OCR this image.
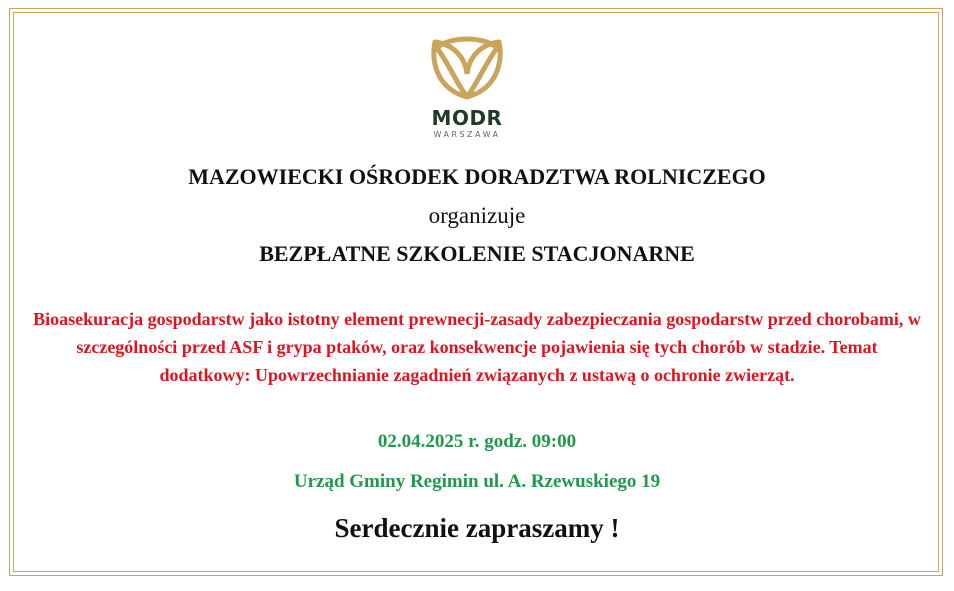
MODR
WARSZAWA
MAZOWIECKI OŚRODEK DORADZTWA ROLNICZEGO
organizuje
BEZPŁATNE SZKOLENIE STACJONARNE
Bioasekuracja gospodarstw jako istotny element prewnecji-zasady zabezpieczania gospodarstw przed chorobami, w szczególności przed ASF i grypa ptaków, oraz konsekwencje pojawienia się tych chorób w stadzie. Temat dodatkowy: Upowrzechnianie zagadnień związanych z ustawą o ochronie zwierząt.
02.04.2025 r. godz. 09:00
Urząd Gminy Regimin ul. A. Rzewuskiego 19
Serdecznie zapraszamy !
